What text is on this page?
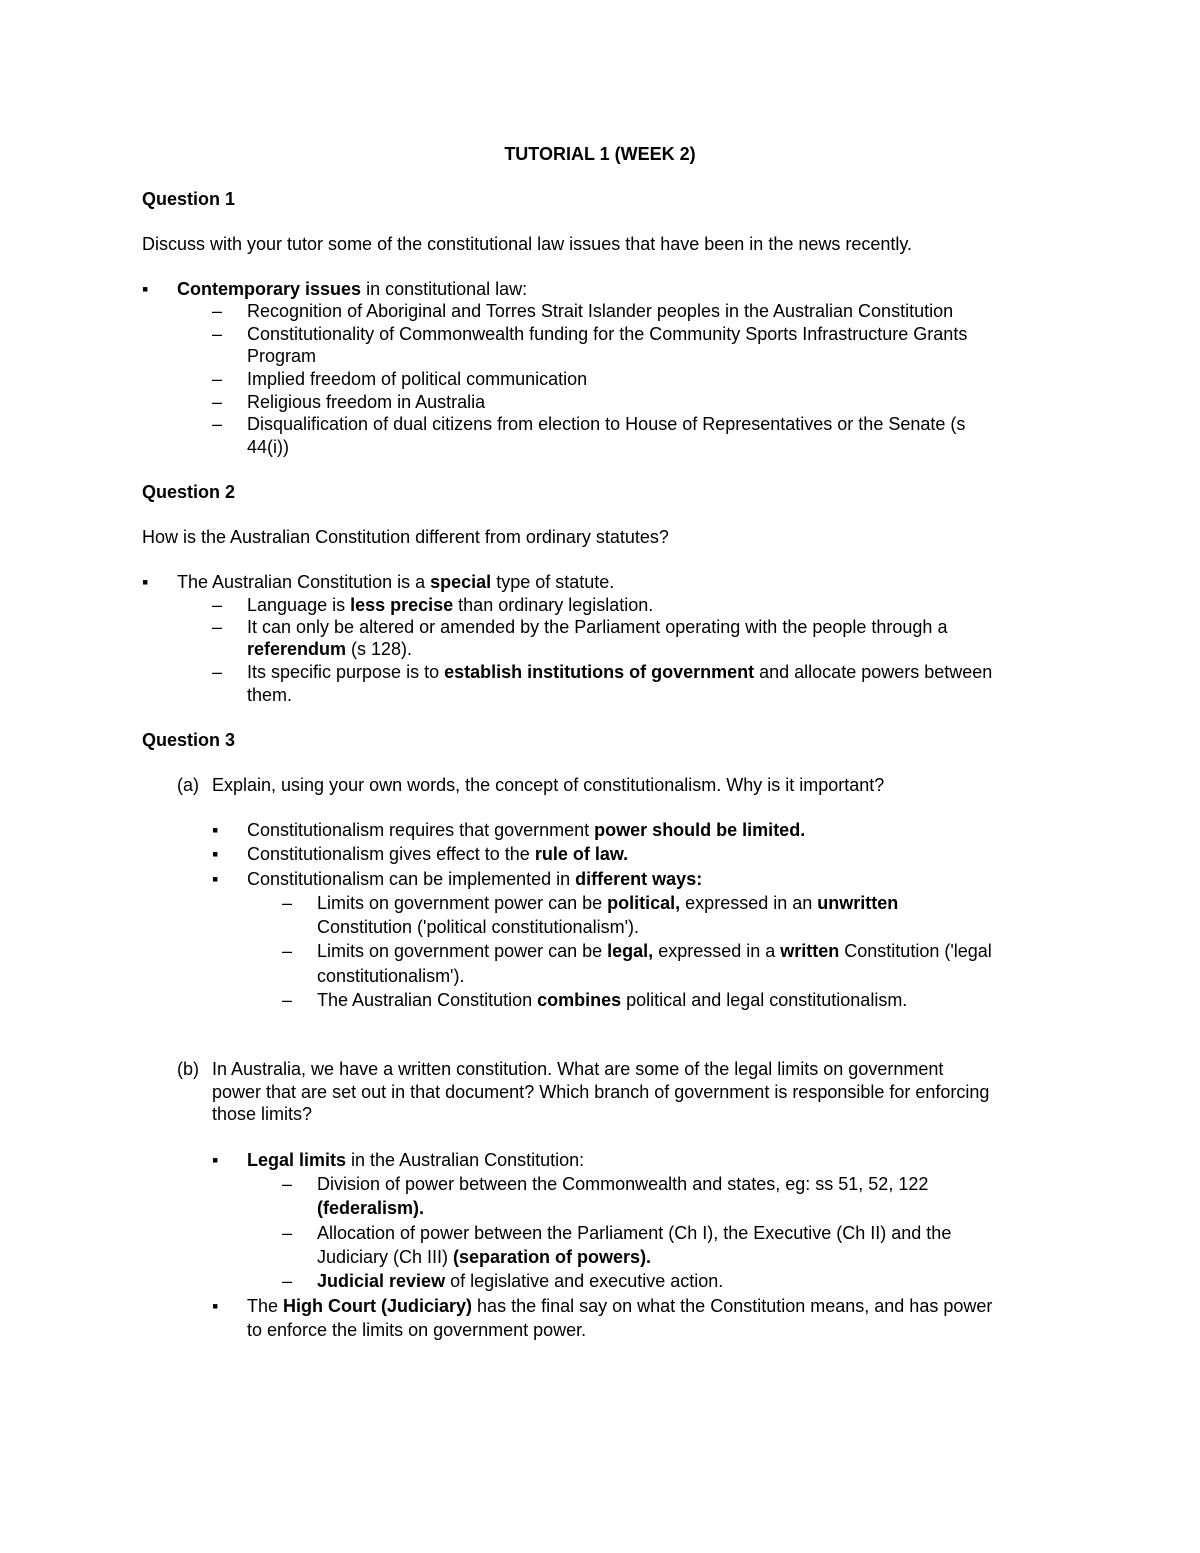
TUTORIAL 1 (WEEK 2)
Question 1
Discuss with your tutor some of the constitutional law issues that have been in the news recently.
▪ Contemporary issues in constitutional law:
– Recognition of Aboriginal and Torres Strait Islander peoples in the Australian Constitution
– Constitutionality of Commonwealth funding for the Community Sports Infrastructure Grants
Program
– Implied freedom of political communication
– Religious freedom in Australia
– Disqualification of dual citizens from election to House of Representatives or the Senate (s
44(i))
Question 2
How is the Australian Constitution different from ordinary statutes?
▪ The Australian Constitution is a special type of statute.
– Language is less precise than ordinary legislation.
– It can only be altered or amended by the Parliament operating with the people through a
referendum (s 128).
– Its specific purpose is to establish institutions of government and allocate powers between
them.
Question 3
(a) Explain, using your own words, the concept of constitutionalism. Why is it important?
▪ Constitutionalism requires that government power should be limited.
▪ Constitutionalism gives effect to the rule of law.
▪ Constitutionalism can be implemented in different ways:
– Limits on government power can be political, expressed in an unwritten
Constitution ('political constitutionalism').
– Limits on government power can be legal, expressed in a written Constitution ('legal
constitutionalism').
– The Australian Constitution combines political and legal constitutionalism.
(b) In Australia, we have a written constitution. What are some of the legal limits on government
power that are set out in that document? Which branch of government is responsible for enforcing
those limits?
▪ Legal limits in the Australian Constitution:
– Division of power between the Commonwealth and states, eg: ss 51, 52, 122
(federalism).
– Allocation of power between the Parliament (Ch I), the Executive (Ch II) and the
Judiciary (Ch III) (separation of powers).
– Judicial review of legislative and executive action.
▪ The High Court (Judiciary) has the final say on what the Constitution means, and has power
to enforce the limits on government power.
